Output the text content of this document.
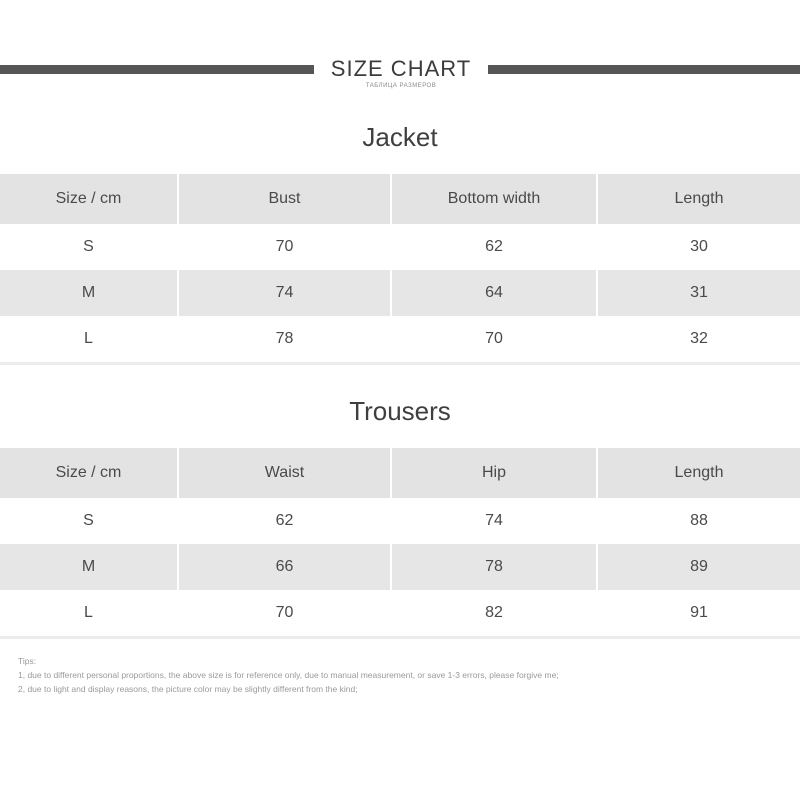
SIZE CHART
ТАБЛИЦА РАЗМЕРОВ
Jacket
Size / cm	Bust	Bottom width	Length
S	70	62	30
M	74	64	31
L	78	70	32
Trousers
Size / cm	Waist	Hip	Length
S	62	74	88
M	66	78	89
L	70	82	91
Tips:
1, due to different personal proportions, the above size is for reference only, due to manual measurement, or save 1-3 errors, please forgive me;
2, due to light and display reasons, the picture color may be slightly different from the kind;
